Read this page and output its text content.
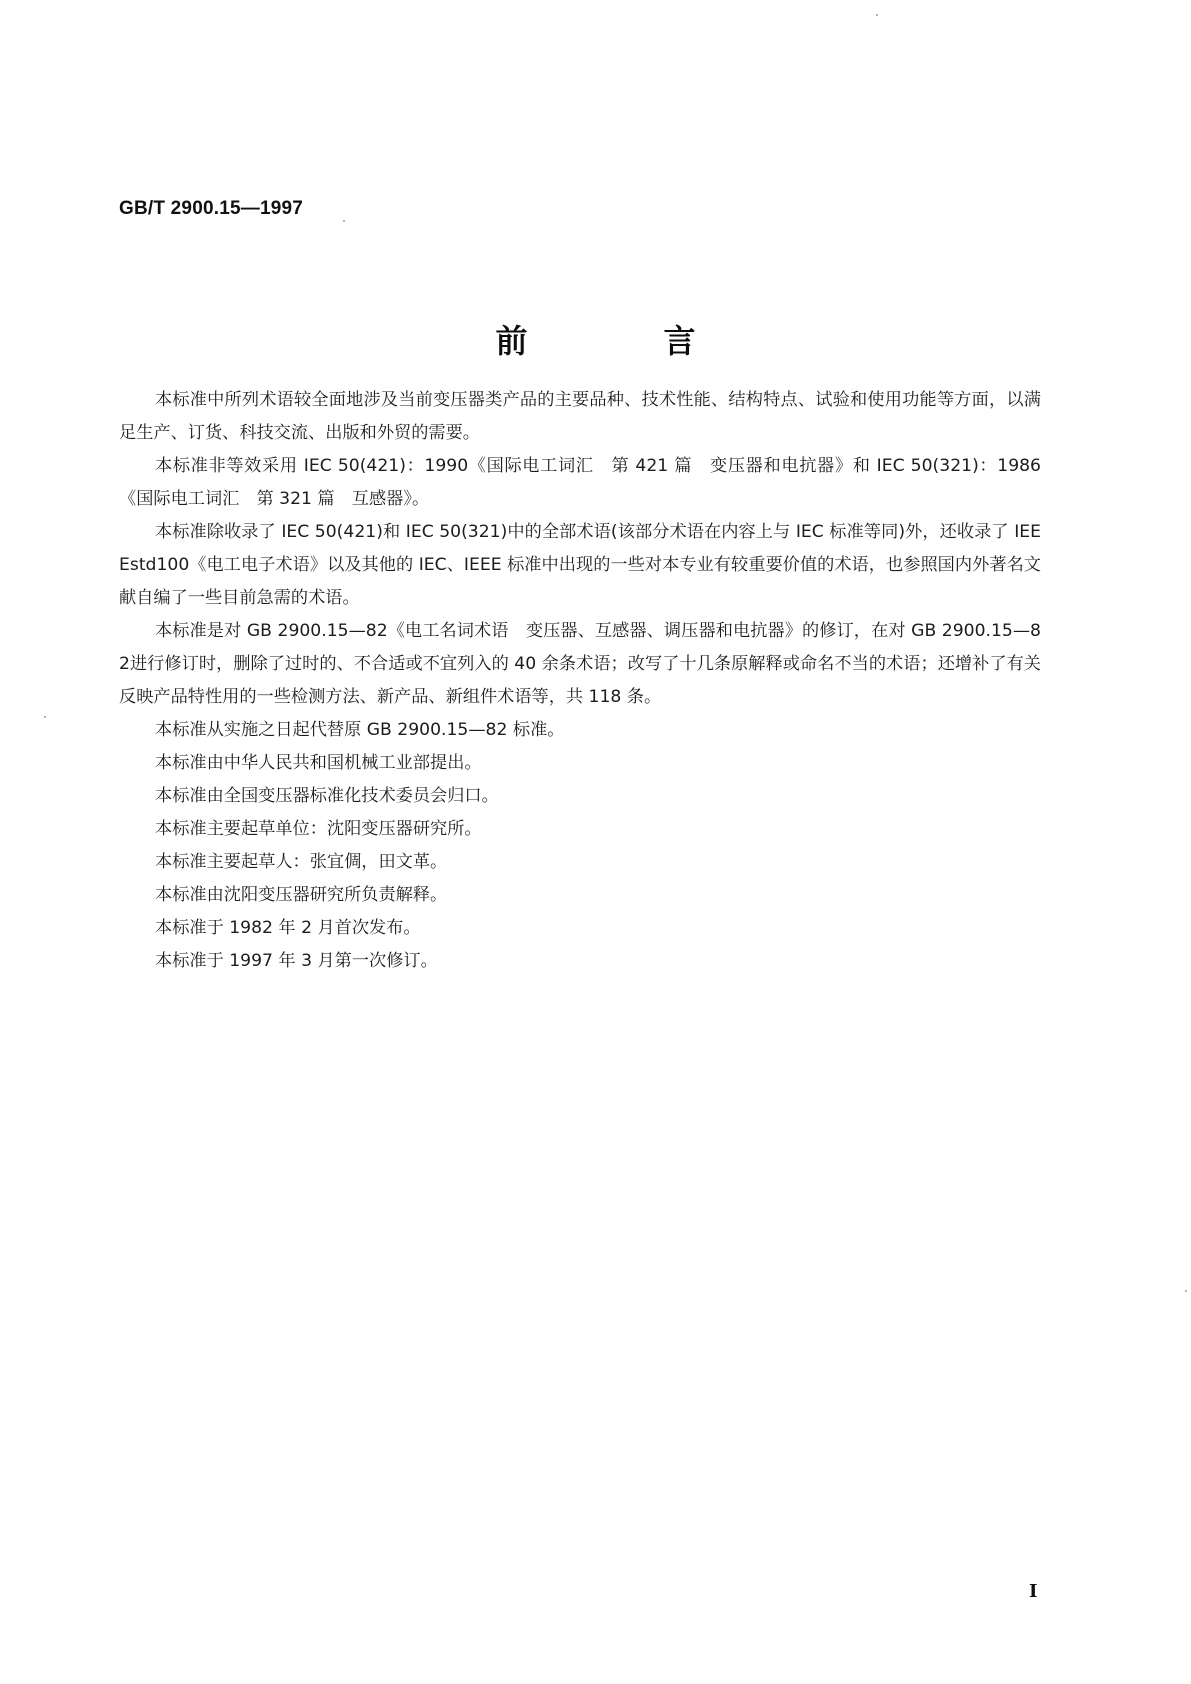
GB/T 2900.15—1997
前　言

本标准中所列术语较全面地涉及当前变压器类产品的主要品种、技术性能、结构特点、试验和使用功能等方面，以满足生产、订货、科技交流、出版和外贸的需要。

本标准非等效采用 IEC 50(421)：1990《国际电工词汇　第 421 篇　变压器和电抗器》和 IEC 50(321)：1986《国际电工词汇　第 321 篇　互感器》。

本标准除收录了 IEC 50(421)和 IEC 50(321)中的全部术语(该部分术语在内容上与 IEC 标准等同)外，还收录了 IEEEstd100《电工电子术语》以及其他的 IEC、IEEE 标准中出现的一些对本专业有较重要价值的术语，也参照国内外著名文献自编了一些目前急需的术语。

本标准是对 GB 2900.15—82《电工名词术语　变压器、互感器、调压器和电抗器》的修订，在对 GB 2900.15—82进行修订时，删除了过时的、不合适或不宜列入的 40 余条术语；改写了十几条原解释或命名不当的术语；还增补了有关反映产品特性用的一些检测方法、新产品、新组件术语等，共 118 条。

本标准从实施之日起代替原 GB 2900.15—82 标准。

本标准由中华人民共和国机械工业部提出。

本标准由全国变压器标准化技术委员会归口。

本标准主要起草单位：沈阳变压器研究所。

本标准主要起草人：张宜倜，田文革。

本标准由沈阳变压器研究所负责解释。

本标准于 1982 年 2 月首次发布。

本标准于 1997 年 3 月第一次修订。

I
